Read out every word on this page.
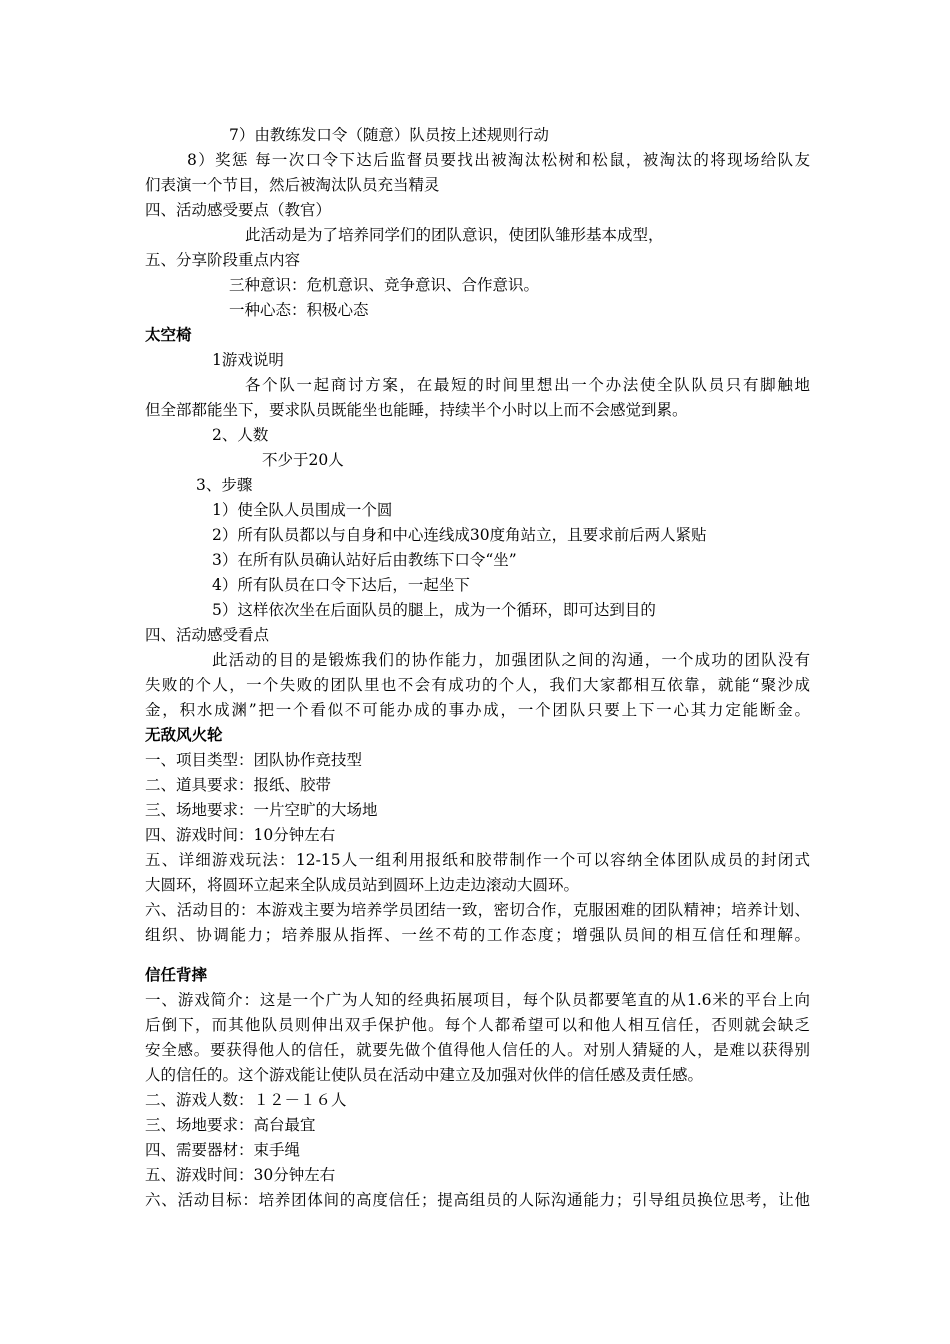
7）由教练发口令（随意）队员按上述规则行动
8）奖惩 每一次口令下达后监督员要找出被淘汰松树和松鼠，被淘汰的将现场给队友
们表演一个节目，然后被淘汰队员充当精灵
四、活动感受要点（教官）
此活动是为了培养同学们的团队意识，使团队雏形基本成型，
五、分享阶段重点内容
三种意识：危机意识、竞争意识、合作意识。
一种心态：积极心态
太空椅
1游戏说明
各个队一起商讨方案，在最短的时间里想出一个办法使全队队员只有脚触地
但全部都能坐下，要求队员既能坐也能睡，持续半个小时以上而不会感觉到累。
2、人数
不少于20人
3、步骤
1）使全队人员围成一个圆
2）所有队员都以与自身和中心连线成30度角站立，且要求前后两人紧贴
3）在所有队员确认站好后由教练下口令“坐”
4）所有队员在口令下达后，一起坐下
5）这样依次坐在后面队员的腿上，成为一个循环，即可达到目的
四、活动感受看点
此活动的目的是锻炼我们的协作能力，加强团队之间的沟通，一个成功的团队没有
失败的个人，一个失败的团队里也不会有成功的个人，我们大家都相互依靠，就能“聚沙成
金，积水成渊”把一个看似不可能办成的事办成，一个团队只要上下一心其力定能断金。
无敌风火轮
一、项目类型：团队协作竞技型
二、道具要求：报纸、胶带
三、场地要求：一片空旷的大场地
四、游戏时间：10分钟左右
五、详细游戏玩法：12-15人一组利用报纸和胶带制作一个可以容纳全体团队成员的封闭式
大圆环，将圆环立起来全队成员站到圆环上边走边滚动大圆环。
六、活动目的：本游戏主要为培养学员团结一致，密切合作，克服困难的团队精神；培养计划、
组织、协调能力；培养服从指挥、一丝不苟的工作态度；增强队员间的相互信任和理解。
信任背摔
一、游戏简介：这是一个广为人知的经典拓展项目，每个队员都要笔直的从1.6米的平台上向
后倒下，而其他队员则伸出双手保护他。每个人都希望可以和他人相互信任，否则就会缺乏
安全感。要获得他人的信任，就要先做个值得他人信任的人。对别人猜疑的人，是难以获得别
人的信任的。这个游戏能让使队员在活动中建立及加强对伙伴的信任感及责任感。
二、游戏人数：１２－１６人
三、场地要求：高台最宜
四、需要器材：束手绳
五、游戏时间：30分钟左右
六、活动目标：培养团体间的高度信任；提高组员的人际沟通能力；引导组员换位思考，让他
